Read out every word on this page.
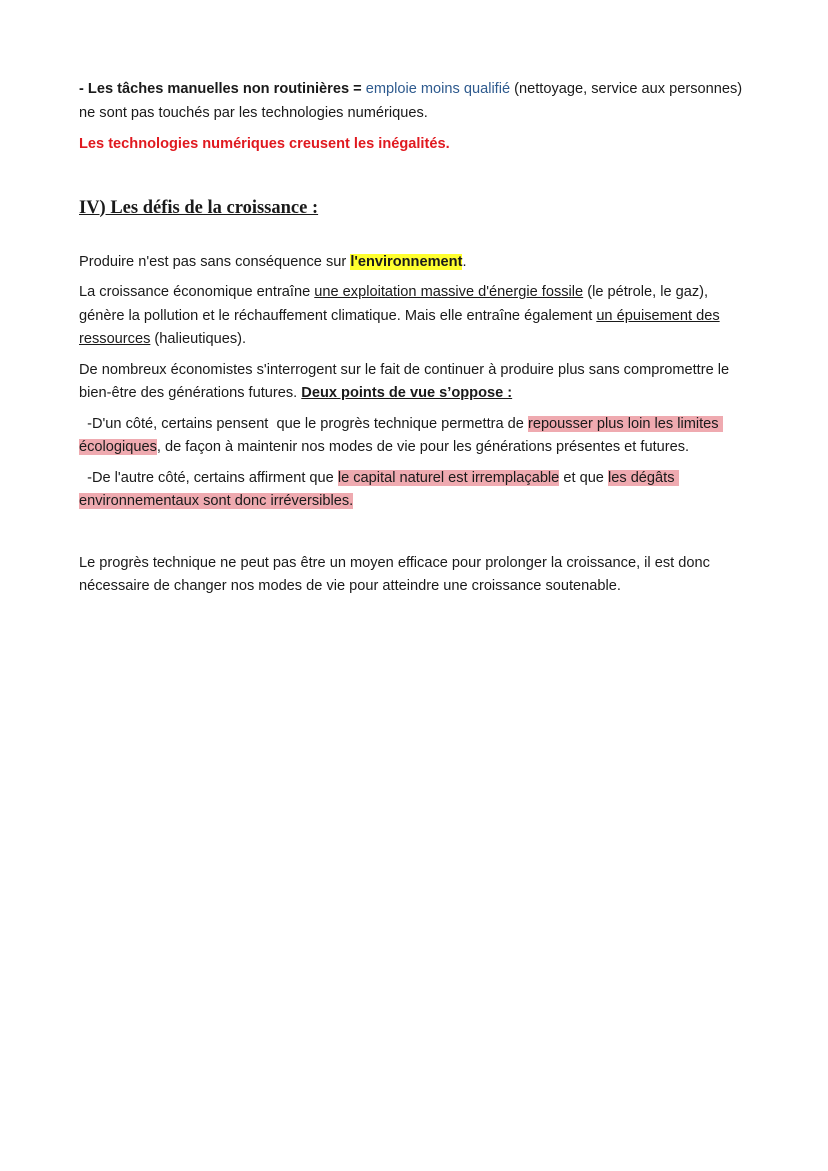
- Les tâches manuelles non routinières = emploie moins qualifié (nettoyage, service aux personnes) ne sont pas touchés par les technologies numériques.

Les technologies numériques creusent les inégalités.

IV) Les défis de la croissance :

Produire n'est pas sans conséquence sur l'environnement.

La croissance économique entraîne une exploitation massive d'énergie fossile (le pétrole, le gaz), génère la pollution et le réchauffement climatique. Mais elle entraîne également un épuisement des ressources (halieutiques).

De nombreux économistes s'interrogent sur le fait de continuer à produire plus sans compromettre le bien-être des générations futures. Deux points de vue s’oppose :

-D'un côté, certains pensent  que le progrès technique permettra de repousser plus loin les limites écologiques, de façon à maintenir nos modes de vie pour les générations présentes et futures.

-De l'autre côté, certains affirment que le capital naturel est irremplaçable et que les dégâts environnementaux sont donc irréversibles.

Le progrès technique ne peut pas être un moyen efficace pour prolonger la croissance, il est donc nécessaire de changer nos modes de vie pour atteindre une croissance soutenable.
